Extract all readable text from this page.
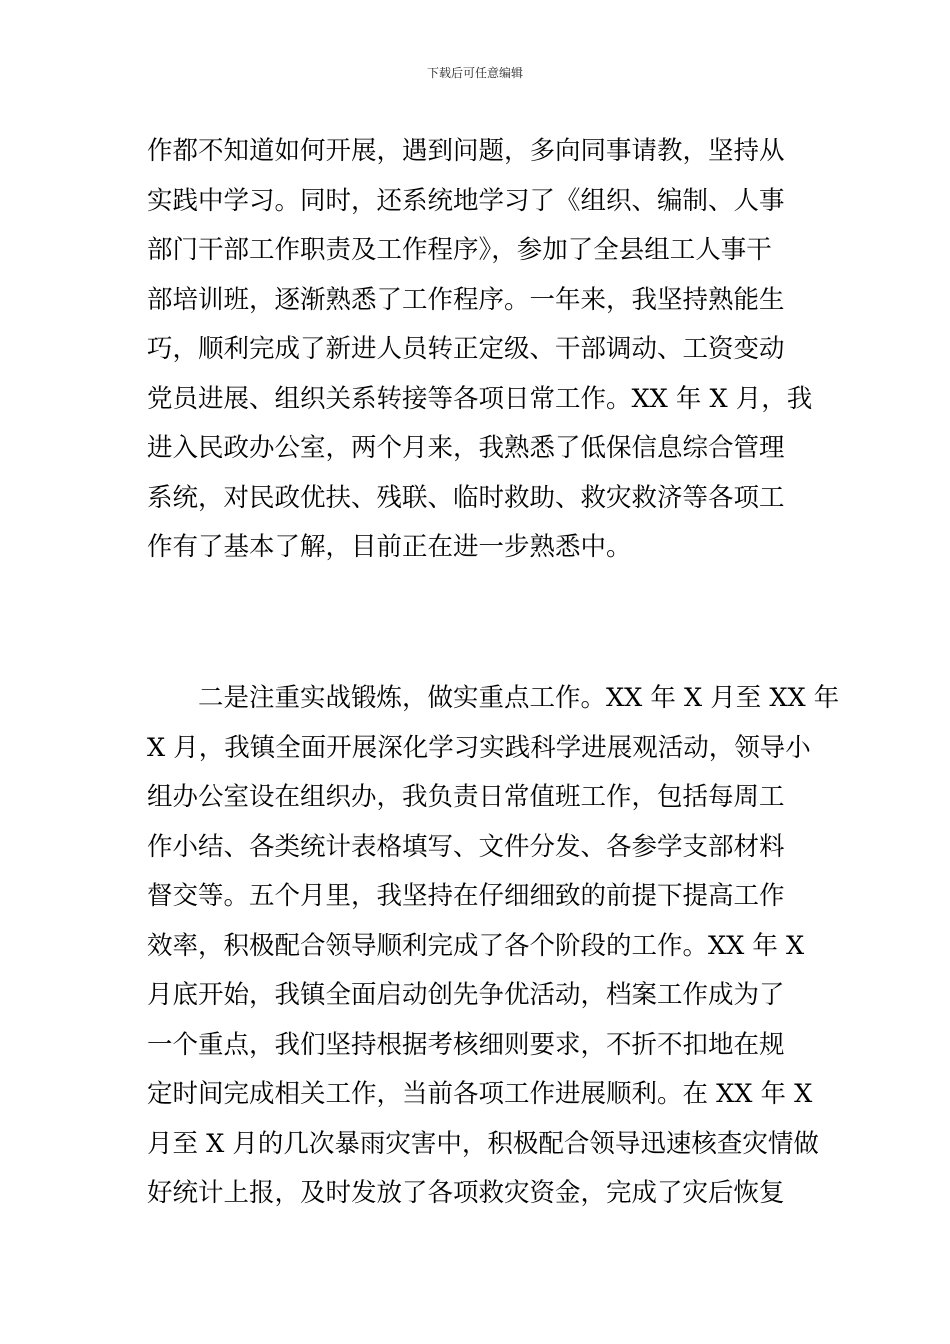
下载后可任意编辑
作都不知道如何开展，遇到问题，多向同事请教，坚持从
实践中学习。同时，还系统地学习了《组织、编制、人事
部门干部工作职责及工作程序》，参加了全县组工人事干
部培训班，逐渐熟悉了工作程序。一年来，我坚持熟能生
巧，顺利完成了新进人员转正定级、干部调动、工资变动
党员进展、组织关系转接等各项日常工作。XX 年 X 月，我
进入民政办公室，两个月来，我熟悉了低保信息综合管理
系统，对民政优扶、残联、临时救助、救灾救济等各项工
作有了基本了解，目前正在进一步熟悉中。
二是注重实战锻炼，做实重点工作。XX 年 X 月至 XX 年
X 月，我镇全面开展深化学习实践科学进展观活动，领导小
组办公室设在组织办，我负责日常值班工作，包括每周工
作小结、各类统计表格填写、文件分发、各参学支部材料
督交等。五个月里，我坚持在仔细细致的前提下提高工作
效率，积极配合领导顺利完成了各个阶段的工作。XX 年 X
月底开始，我镇全面启动创先争优活动，档案工作成为了
一个重点，我们坚持根据考核细则要求，不折不扣地在规
定时间完成相关工作，当前各项工作进展顺利。在 XX 年 X
月至 X 月的几次暴雨灾害中，积极配合领导迅速核查灾情做
好统计上报，及时发放了各项救灾资金，完成了灾后恢复
